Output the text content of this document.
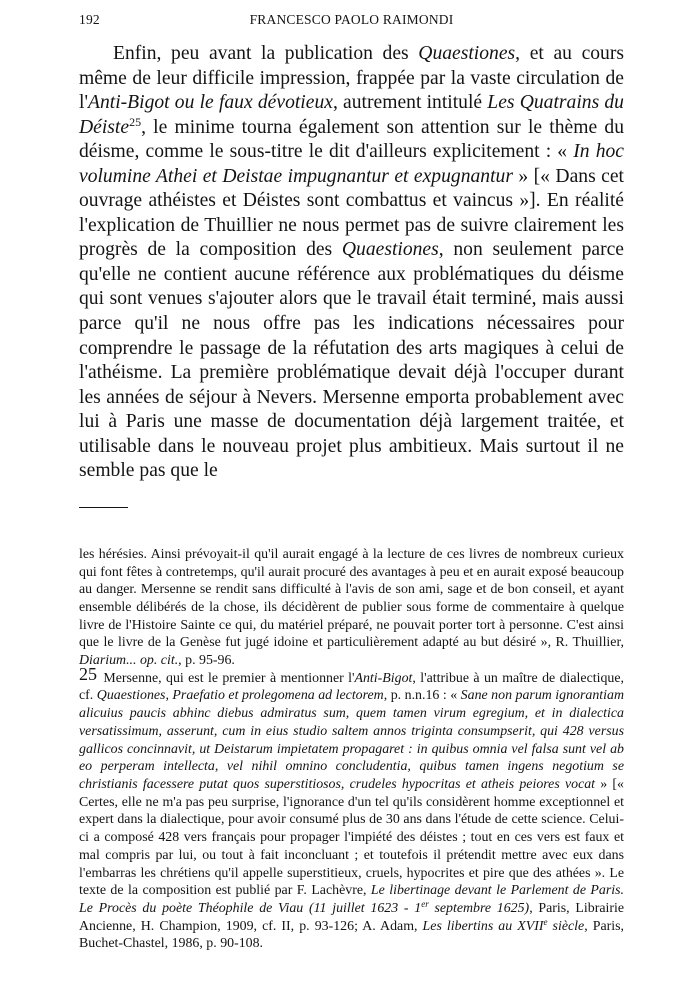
192	FRANCESCO PAOLO RAIMONDI

Enfin, peu avant la publication des Quaestiones, et au cours même de leur difficile impression, frappée par la vaste circulation de l'Anti-Bigot ou le faux dévotieux, autrement intitulé Les Quatrains du Déiste$^{25}$, le minime tourna également son attention sur le thème du déisme, comme le sous-titre le dit d'ailleurs explicitement : « In hoc volumine Athei et Deistae impugnantur et expugnantur » [« Dans cet ouvrage athéistes et Déistes sont combattus et vaincus »]. En réalité l'explication de Thuillier ne nous permet pas de suivre clairement les progrès de la composition des Quaestiones, non seulement parce qu'elle ne contient aucune référence aux problématiques du déisme qui sont venues s'ajouter alors que le travail était terminé, mais aussi parce qu'il ne nous offre pas les indications nécessaires pour comprendre le passage de la réfutation des arts magiques à celui de l'athéisme. La première problématique devait déjà l'occuper durant les années de séjour à Nevers. Mersenne emporta probablement avec lui à Paris une masse de documentation déjà largement traitée, et utilisable dans le nouveau projet plus ambitieux. Mais surtout il ne semble pas que le

les hérésies. Ainsi prévoyait-il qu'il aurait engagé à la lecture de ces livres de nombreux curieux qui font fêtes à contretemps, qu'il aurait procuré des avantages à peu et en aurait exposé beaucoup au danger. Mersenne se rendit sans difficulté à l'avis de son ami, sage et de bon conseil, et ayant ensemble délibérés de la chose, ils décidèrent de publier sous forme de commentaire à quelque livre de l'Histoire Sainte ce qui, du matériel préparé, ne pouvait porter tort à personne. C'est ainsi que le livre de la Genèse fut jugé idoine et particulièrement adapté au but désiré », R. Thuillier, Diarium... op. cit., p. 95-96.

25 Mersenne, qui est le premier à mentionner l'Anti-Bigot, l'attribue à un maître de dialectique, cf. Quaestiones, Praefatio et prolegomena ad lectorem, p. n.n.16 : « Sane non parum ignorantiam alicuius paucis abhinc diebus admiratus sum, quem tamen virum egregium, et in dialectica versatissimum, asserunt, cum in eius studio saltem annos triginta consumpserit, qui 428 versus gallicos concinnavit, ut Deistarum impietatem propagaret : in quibus omnia vel falsa sunt vel ab eo perperam intellecta, vel nihil omnino concludentia, quibus tamen ingens negotium se christianis facessere putat quos superstitiosos, crudeles hypocritas et atheis peiores vocat » [« Certes, elle ne m'a pas peu surprise, l'ignorance d'un tel qu'ils considèrent homme exceptionnel et expert dans la dialectique, pour avoir consumé plus de 30 ans dans l'étude de cette science. Celui-ci a composé 428 vers français pour propager l'impiété des déistes ; tout en ces vers est faux et mal compris par lui, ou tout à fait inconcluant ; et toutefois il prétendit mettre avec eux dans l'embarras les chrétiens qu'il appelle superstitieux, cruels, hypocrites et pire que des athées ». Le texte de la composition est publié par F. Lachèvre, Le libertinage devant le Parlement de Paris. Le Procès du poète Théophile de Viau (11 juillet 1623 - 1er septembre 1625), Paris, Librairie Ancienne, H. Champion, 1909, cf. II, p. 93-126; A. Adam, Les libertins au XVIIe siècle, Paris, Buchet-Chastel, 1986, p. 90-108.
